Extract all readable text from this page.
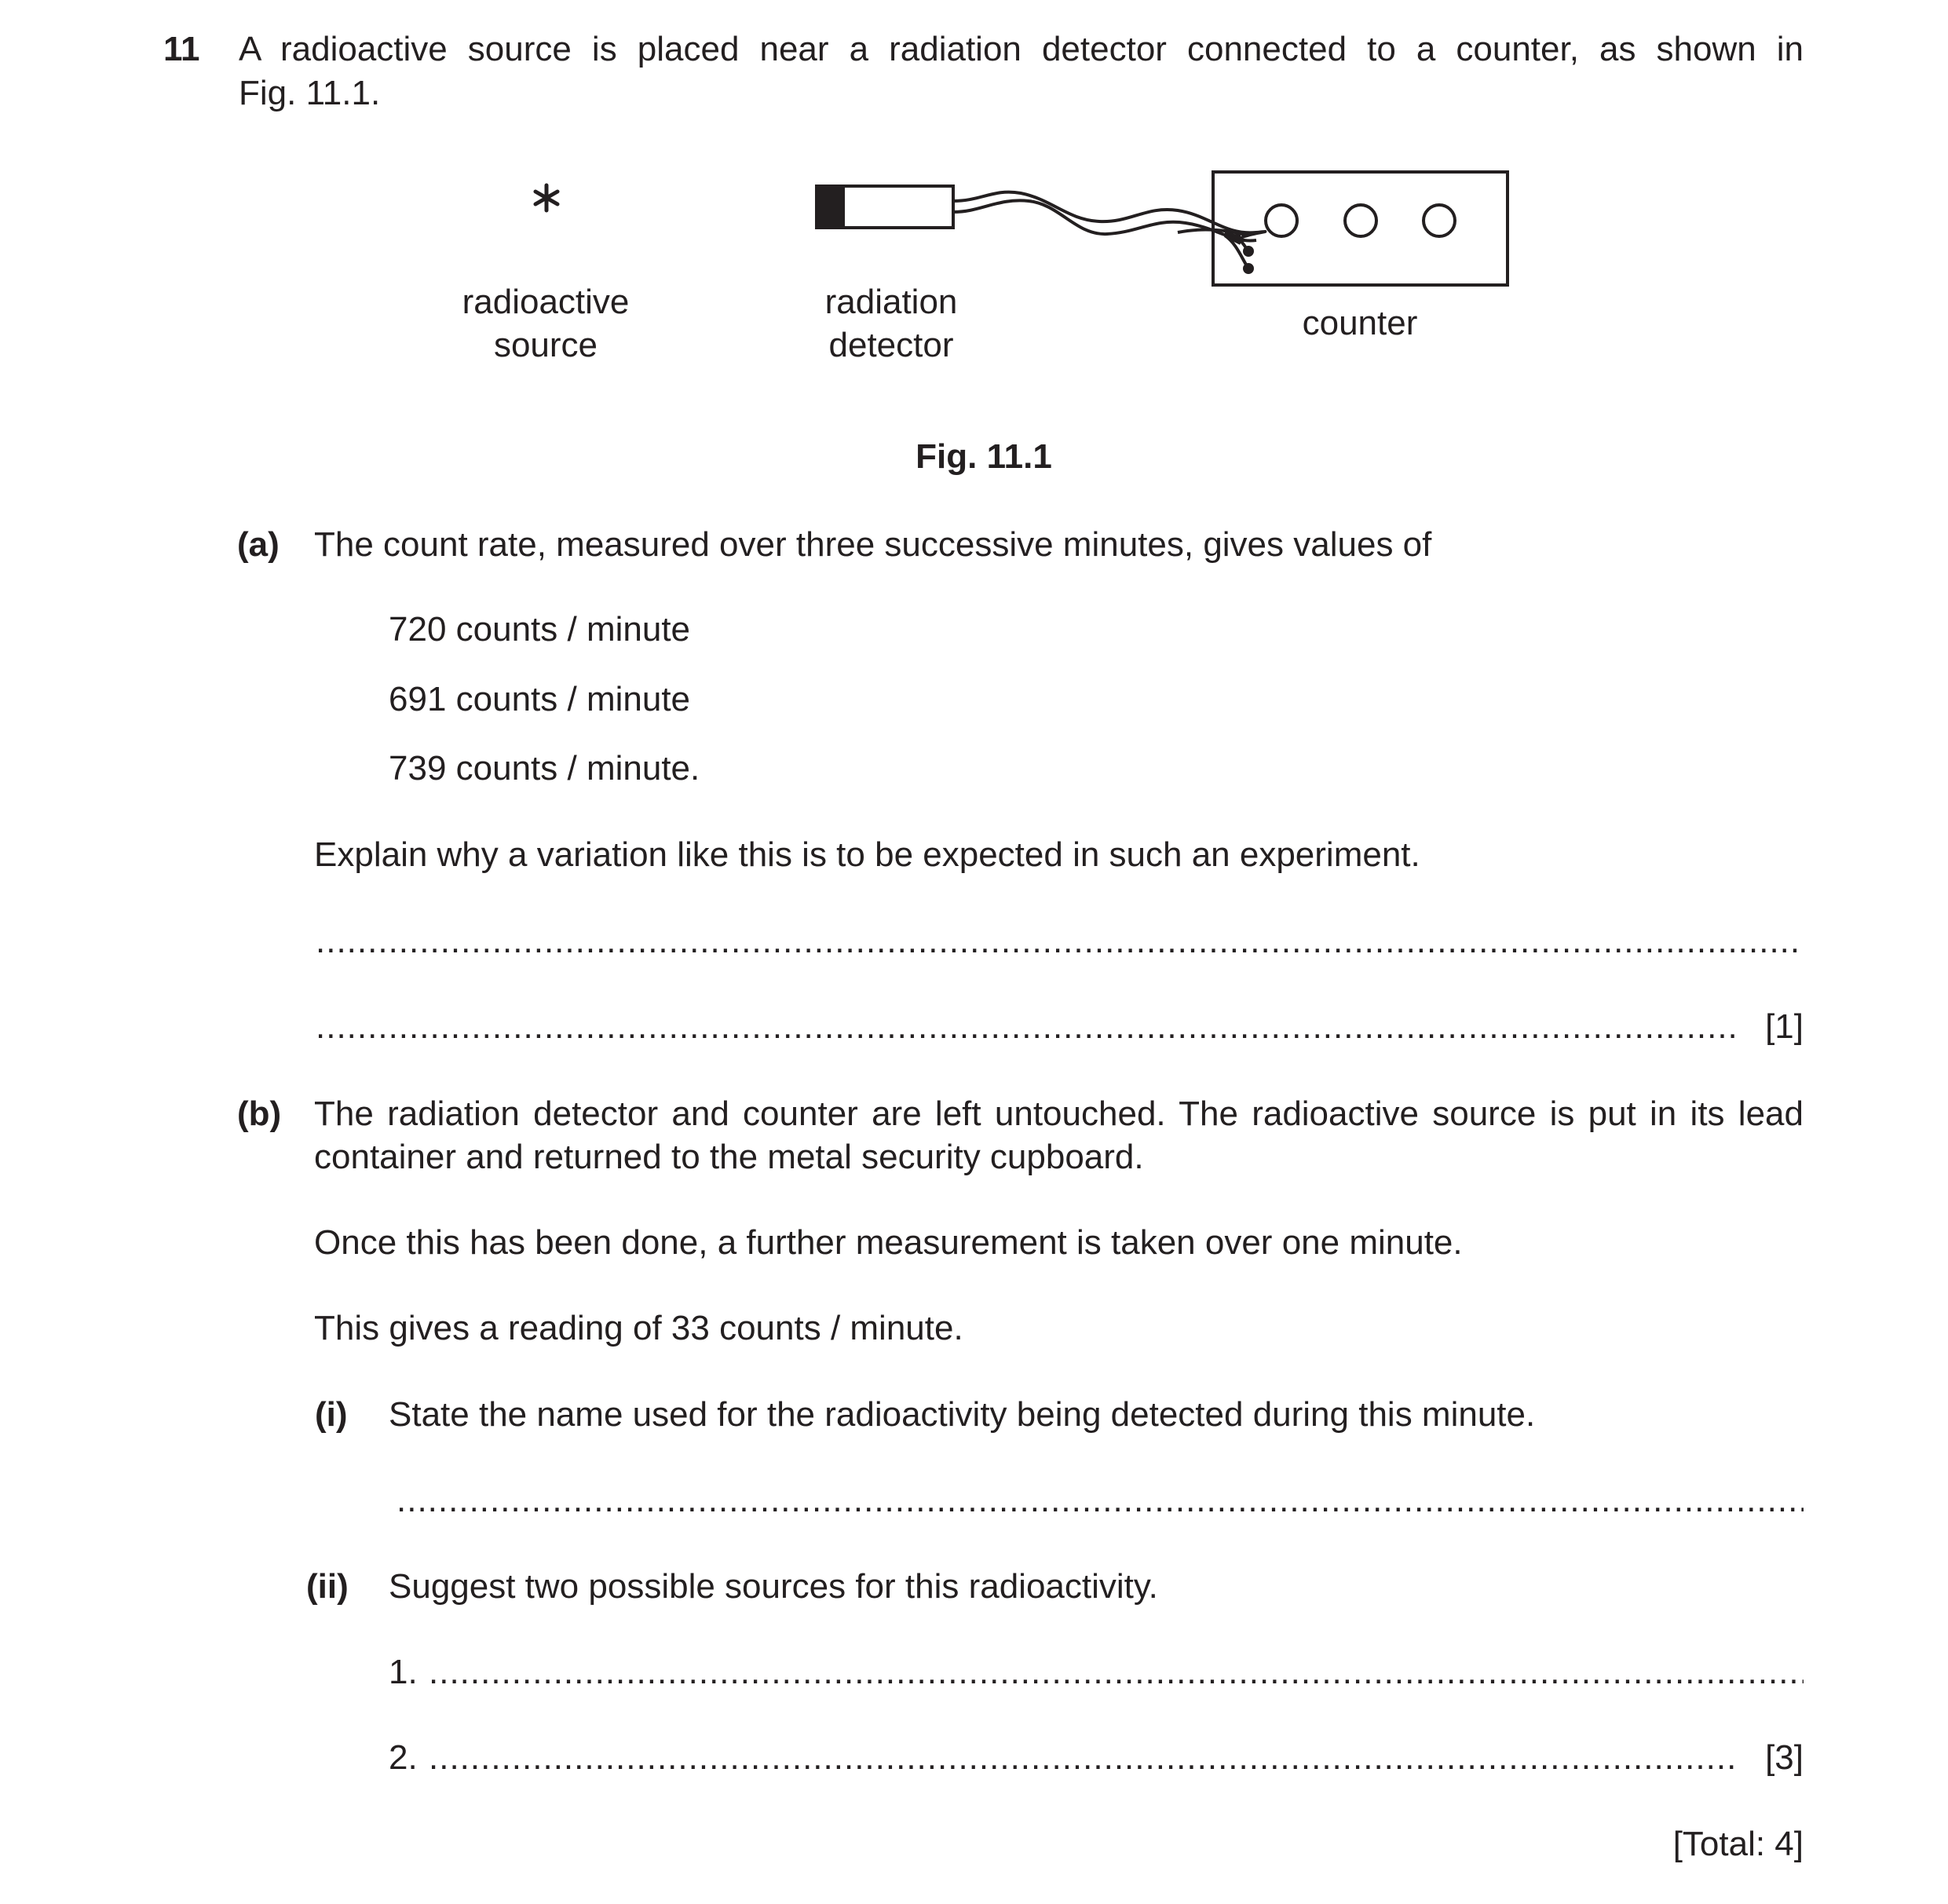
11 A radioactive source is placed near a radiation detector connected to a counter, as shown in
Fig. 11.1.
radioactive
source
radiation
detector
counter
Fig. 11.1
(a) The count rate, measured over three successive minutes, gives values of
720 counts / minute
691 counts / minute
739 counts / minute.
Explain why a variation like this is to be expected in such an experiment.
.....
.....
[1]
(b) The radiation detector and counter are left untouched. The radioactive source is put in its lead
container and returned to the metal security cupboard.
Once this has been done, a further measurement is taken over one minute.
This gives a reading of 33 counts / minute.
(i) State the name used for the radioactivity being detected during this minute.
.....
(ii) Suggest two possible sources for this radioactivity.
1.
.....
2.
.....	[3]
[Total: 4]
